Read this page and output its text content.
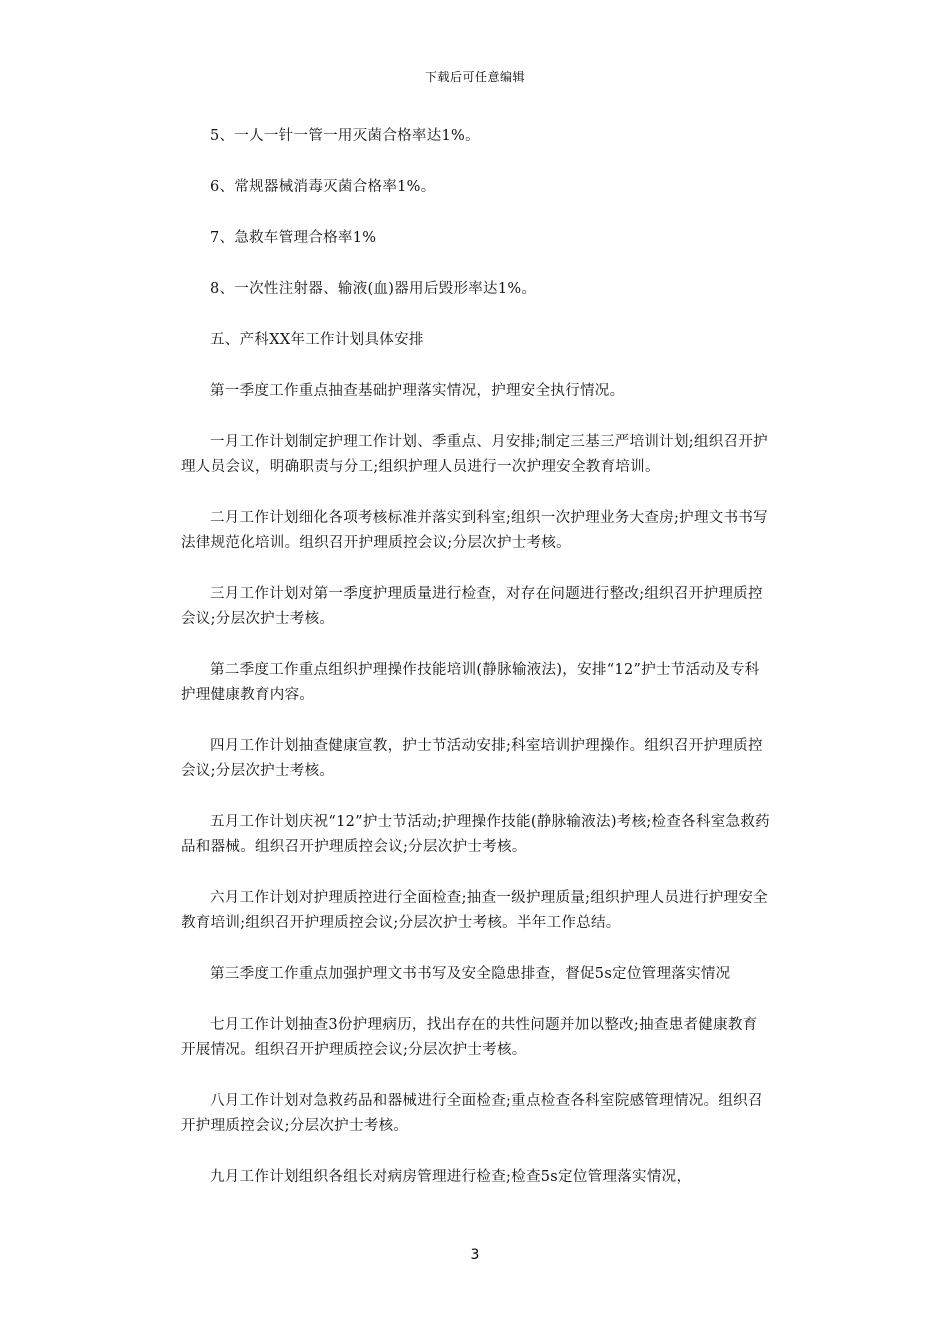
下载后可任意编辑

5、一人一针一管一用灭菌合格率达1%。

6、常规器械消毒灭菌合格率1%。

7、急救车管理合格率1%

8、一次性注射器、输液(血)器用后毁形率达1%。

五、产科XX年工作计划具体安排

第一季度工作重点抽查基础护理落实情况，护理安全执行情况。

一月工作计划制定护理工作计划、季重点、月安排;制定三基三严培训计划;组织召开护理人员会议，明确职责与分工;组织护理人员进行一次护理安全教育培训。

二月工作计划细化各项考核标准并落实到科室;组织一次护理业务大查房;护理文书书写法律规范化培训。组织召开护理质控会议;分层次护士考核。

三月工作计划对第一季度护理质量进行检查，对存在问题进行整改;组织召开护理质控会议;分层次护士考核。

第二季度工作重点组织护理操作技能培训(静脉输液法)，安排“12”护士节活动及专科护理健康教育内容。

四月工作计划抽查健康宣教，护士节活动安排;科室培训护理操作。组织召开护理质控会议;分层次护士考核。

五月工作计划庆祝“12”护士节活动;护理操作技能(静脉输液法)考核;检查各科室急救药品和器械。组织召开护理质控会议;分层次护士考核。

六月工作计划对护理质控进行全面检查;抽查一级护理质量;组织护理人员进行护理安全教育培训;组织召开护理质控会议;分层次护士考核。半年工作总结。

第三季度工作重点加强护理文书书写及安全隐患排查，督促5s定位管理落实情况

七月工作计划抽查3份护理病历，找出存在的共性问题并加以整改;抽查患者健康教育开展情况。组织召开护理质控会议;分层次护士考核。

八月工作计划对急救药品和器械进行全面检查;重点检查各科室院感管理情况。组织召开护理质控会议;分层次护士考核。

九月工作计划组织各组长对病房管理进行检查;检查5s定位管理落实情况，

3
